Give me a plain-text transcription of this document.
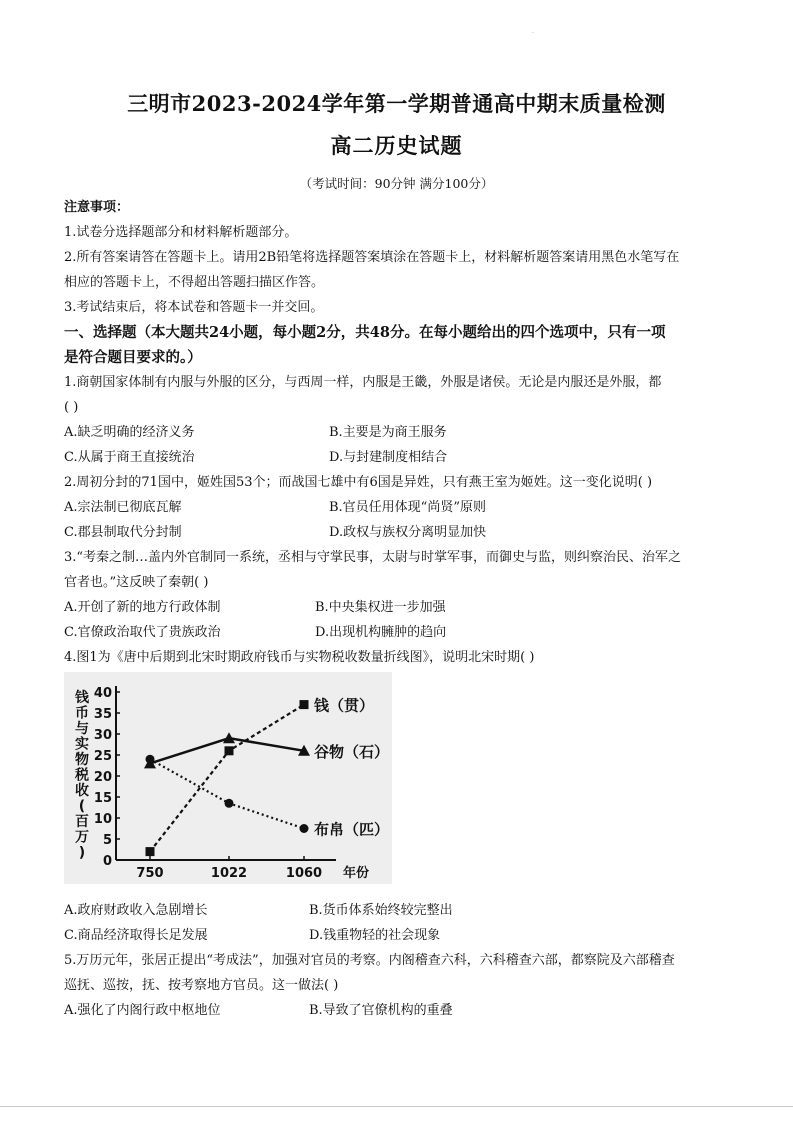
·
三明市2023-2024学年第一学期普通高中期末质量检测
高二历史试题
（考试时间：90分钟 满分100分）
注意事项：
1.试卷分选择题部分和材料解析题部分。
2.所有答案请答在答题卡上。请用2B铅笔将选择题答案填涂在答题卡上，材料解析题答案请用黑色水笔写在
相应的答题卡上，不得超出答题扫描区作答。
3.考试结束后，将本试卷和答题卡一并交回。
一、选择题（本大题共24小题，每小题2分，共48分。在每小题给出的四个选项中，只有一项
是符合题目要求的。）
1.商朝国家体制有内服与外服的区分，与西周一样，内服是王畿，外服是诸侯。无论是内服还是外服，都
( )
A.缺乏明确的经济义务	B.主要是为商王服务
C.从属于商王直接统治	D.与封建制度相结合
2.周初分封的71国中，姬姓国53个；而战国七雄中有6国是异姓，只有燕王室为姬姓。这一变化说明( )
A.宗法制已彻底瓦解	B.官员任用体现“尚贤”原则
C.郡县制取代分封制	D.政权与族权分离明显加快
3.“考秦之制…盖内外官制同一系统，丞相与守掌民事，太尉与时掌军事，而御史与监，则纠察治民、治军之
官者也。”这反映了秦朝( )
A.开创了新的地方行政体制	B.中央集权进一步加强
C.官僚政治取代了贵族政治	D.出现机构臃肿的趋向
4.图1为《唐中后期到北宋时期政府钱币与实物税收数量折线图》，说明北宋时期( )
钱
币
与
实
物
税
收
(
百
万
)
0
5
10
15
20
25
30
35
40
750	1022	1060 年份
钱（贯）
谷物（石）
布帛（匹）
A.政府财政收入急剧增长	B.货币体系始终较完整出
C.商品经济取得长足发展	D.钱重物轻的社会现象
5.万历元年，张居正提出“考成法”，加强对官员的考察。内阁稽查六科，六科稽查六部，都察院及六部稽查
巡抚、巡按，抚、按考察地方官员。这一做法( )
A.强化了内阁行政中枢地位	B.导致了官僚机构的重叠
